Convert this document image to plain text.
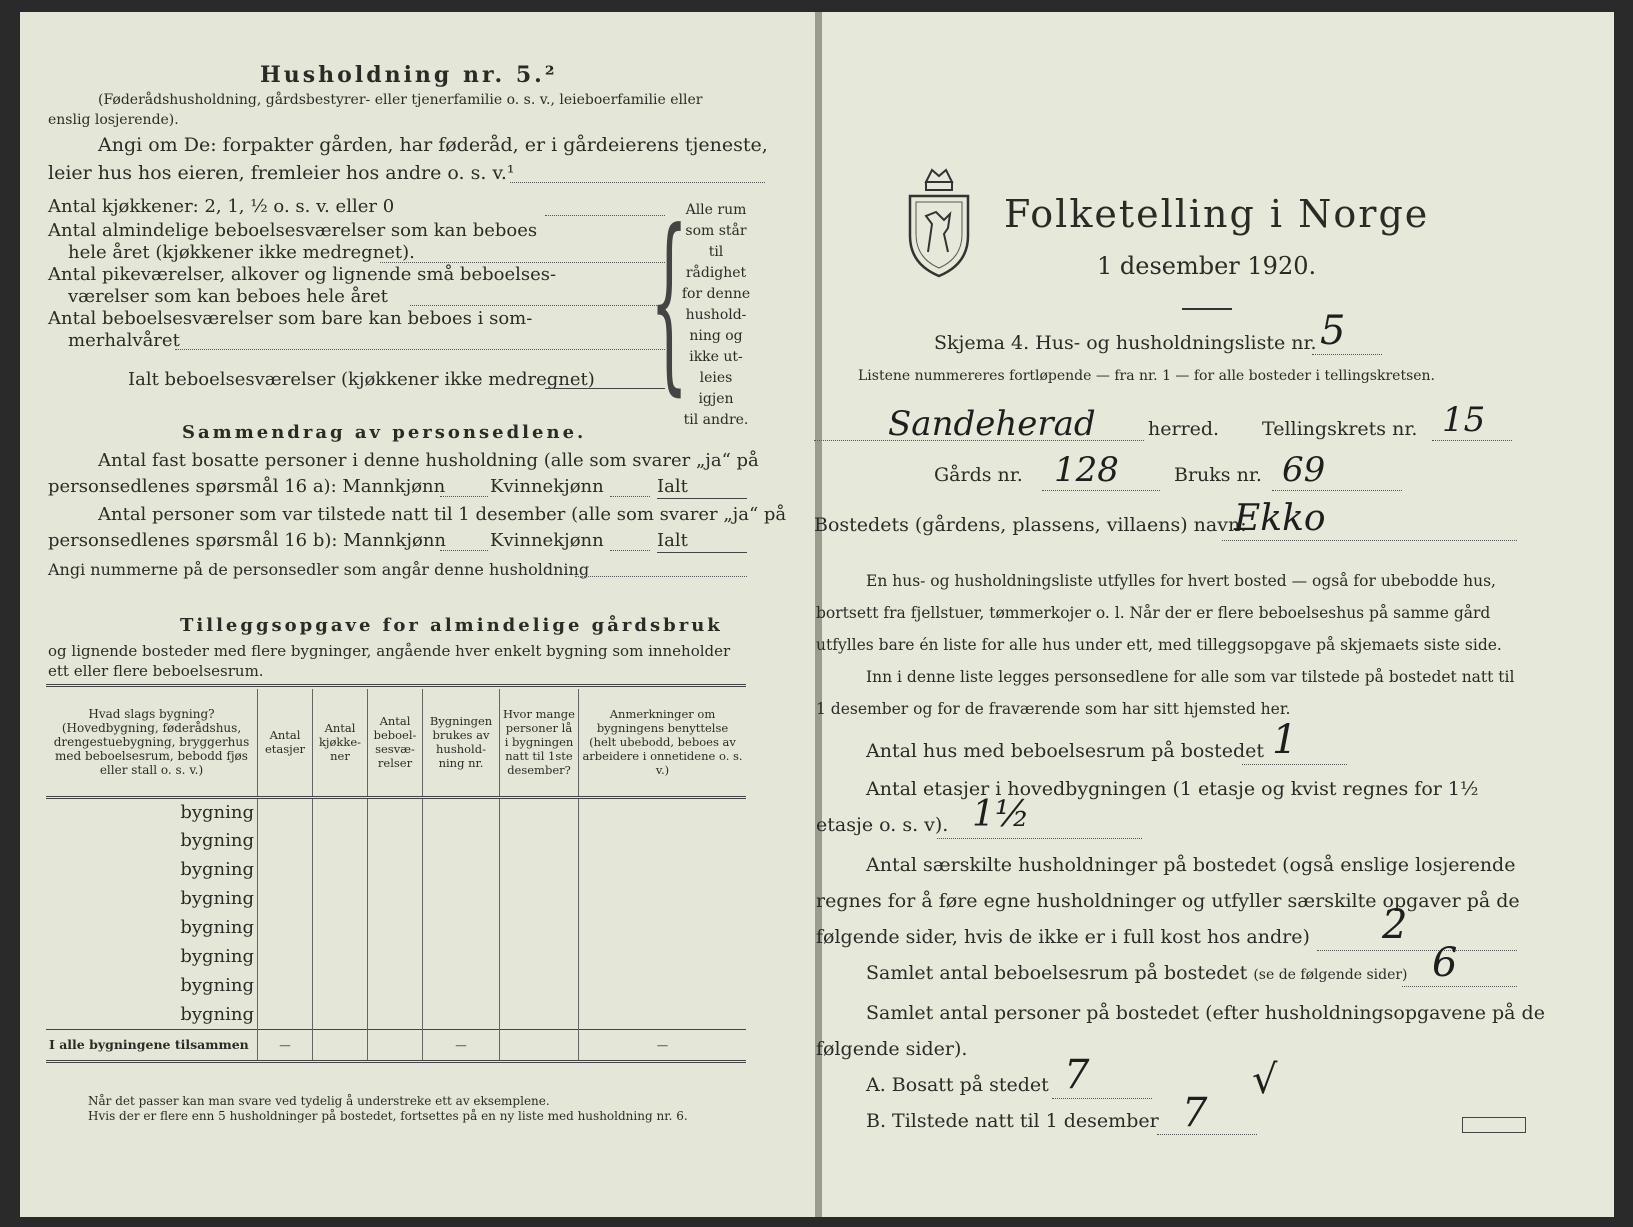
Husholdning nr. 5.²
(Føderådshusholdning, gårdsbestyrer- eller tjenerfamilie o. s. v., leieboerfamilie eller
enslig losjerende).
Angi om De: forpakter gården, har føderåd, er i gårdeierens tjeneste,
leier hus hos eieren, fremleier hos andre o. s. v.¹
Antal kjøkkener: 2, 1, ½ o. s. v. eller 0
Antal almindelige beboelsesværelser som kan beboes
hele året (kjøkkener ikke medregnet).
Antal pikeværelser, alkover og lignende små beboelses-
værelser som kan beboes hele året
Antal beboelsesværelser som bare kan beboes i som-
merhalvåret	{
Alle rum
som står til
rådighet
for denne
hushold-
ning og
ikke ut-
leies igjen
til andre.
Ialt beboelsesværelser (kjøkkener ikke medregnet)
Sammendrag av personsedlene.
Antal fast bosatte personer i denne husholdning (alle som svarer „ja“ på
personsedlenes spørsmål 16 a): Mannkjønn Kvinnekjønn	Ialt
Antal personer som var tilstede natt til 1 desember (alle som svarer „ja“ på
personsedlenes spørsmål 16 b): Mannkjønn Kvinnekjønn	Ialt
Angi nummerne på de personsedler som angår denne husholdning
Tilleggsopgave for almindelige gårdsbruk
og lignende bosteder med flere bygninger, angående hver enkelt bygning som inneholder
ett eller flere beboelsesrum.
Hvad slags bygning? (Hovedbygning, føderådshus, drengestuebygning, bryggerhus med beboelsesrum, bebodd fjøs eller stall o. s. v.)	Antal etasjer	Antal kjøkke-ner	Antal beboel-sesvæ-relser	Bygningen brukes av hushold-ning nr.	Hvor mange personer lå i bygningen natt til 1ste desember?	Anmerkninger om bygningens benyttelse (helt ubebodd, beboes av arbeidere i onnetidene o. s. v.)
bygning						
bygning						
bygning						
bygning						
bygning						
bygning						
bygning						
bygning						
I alle bygningene tilsammen	—			—		—
Når det passer kan man svare ved tydelig å understreke ett av eksemplene.
Hvis der er flere enn 5 husholdninger på bostedet, fortsettes på en ny liste med husholdning nr. 6.
Folketelling i Norge
1 desember 1920.
Skjema 4. Hus- og husholdningsliste nr. 5
Listene nummereres fortløpende — fra nr. 1 — for alle bosteder i tellingskretsen.
Sandeherad	herred. Tellingskrets nr. 15
Gårds nr. 128	Bruks nr. 69
Bostedets (gårdens, plassens, villaens) navn:
Ekko
En hus- og husholdningsliste utfylles for hvert bosted — også for ubebodde hus,
bortsett fra fjellstuer, tømmerkojer o. l. Når der er flere beboelseshus på samme gård
utfylles bare én liste for alle hus under ett, med tilleggsopgave på skjemaets siste side.
Inn i denne liste legges personsedlene for alle som var tilstede på bostedet natt til
1 desember og for de fraværende som har sitt hjemsted her.
Antal hus med beboelsesrum på bostedet 1
Antal etasjer i hovedbygningen (1 etasje og kvist regnes for 1½
etasje o. s. v). 1½
Antal særskilte husholdninger på bostedet (også enslige losjerende
regnes for å føre egne husholdninger og utfyller særskilte opgaver på de
følgende sider, hvis de ikke er i full kost hos andre) 2
Samlet antal beboelsesrum på bostedet (se de følgende sider) 6
Samlet antal personer på bostedet (efter husholdningsopgavene på de
følgende sider).
A. Bosatt på stedet 7	√
B. Tilstede natt til 1 desember 7
